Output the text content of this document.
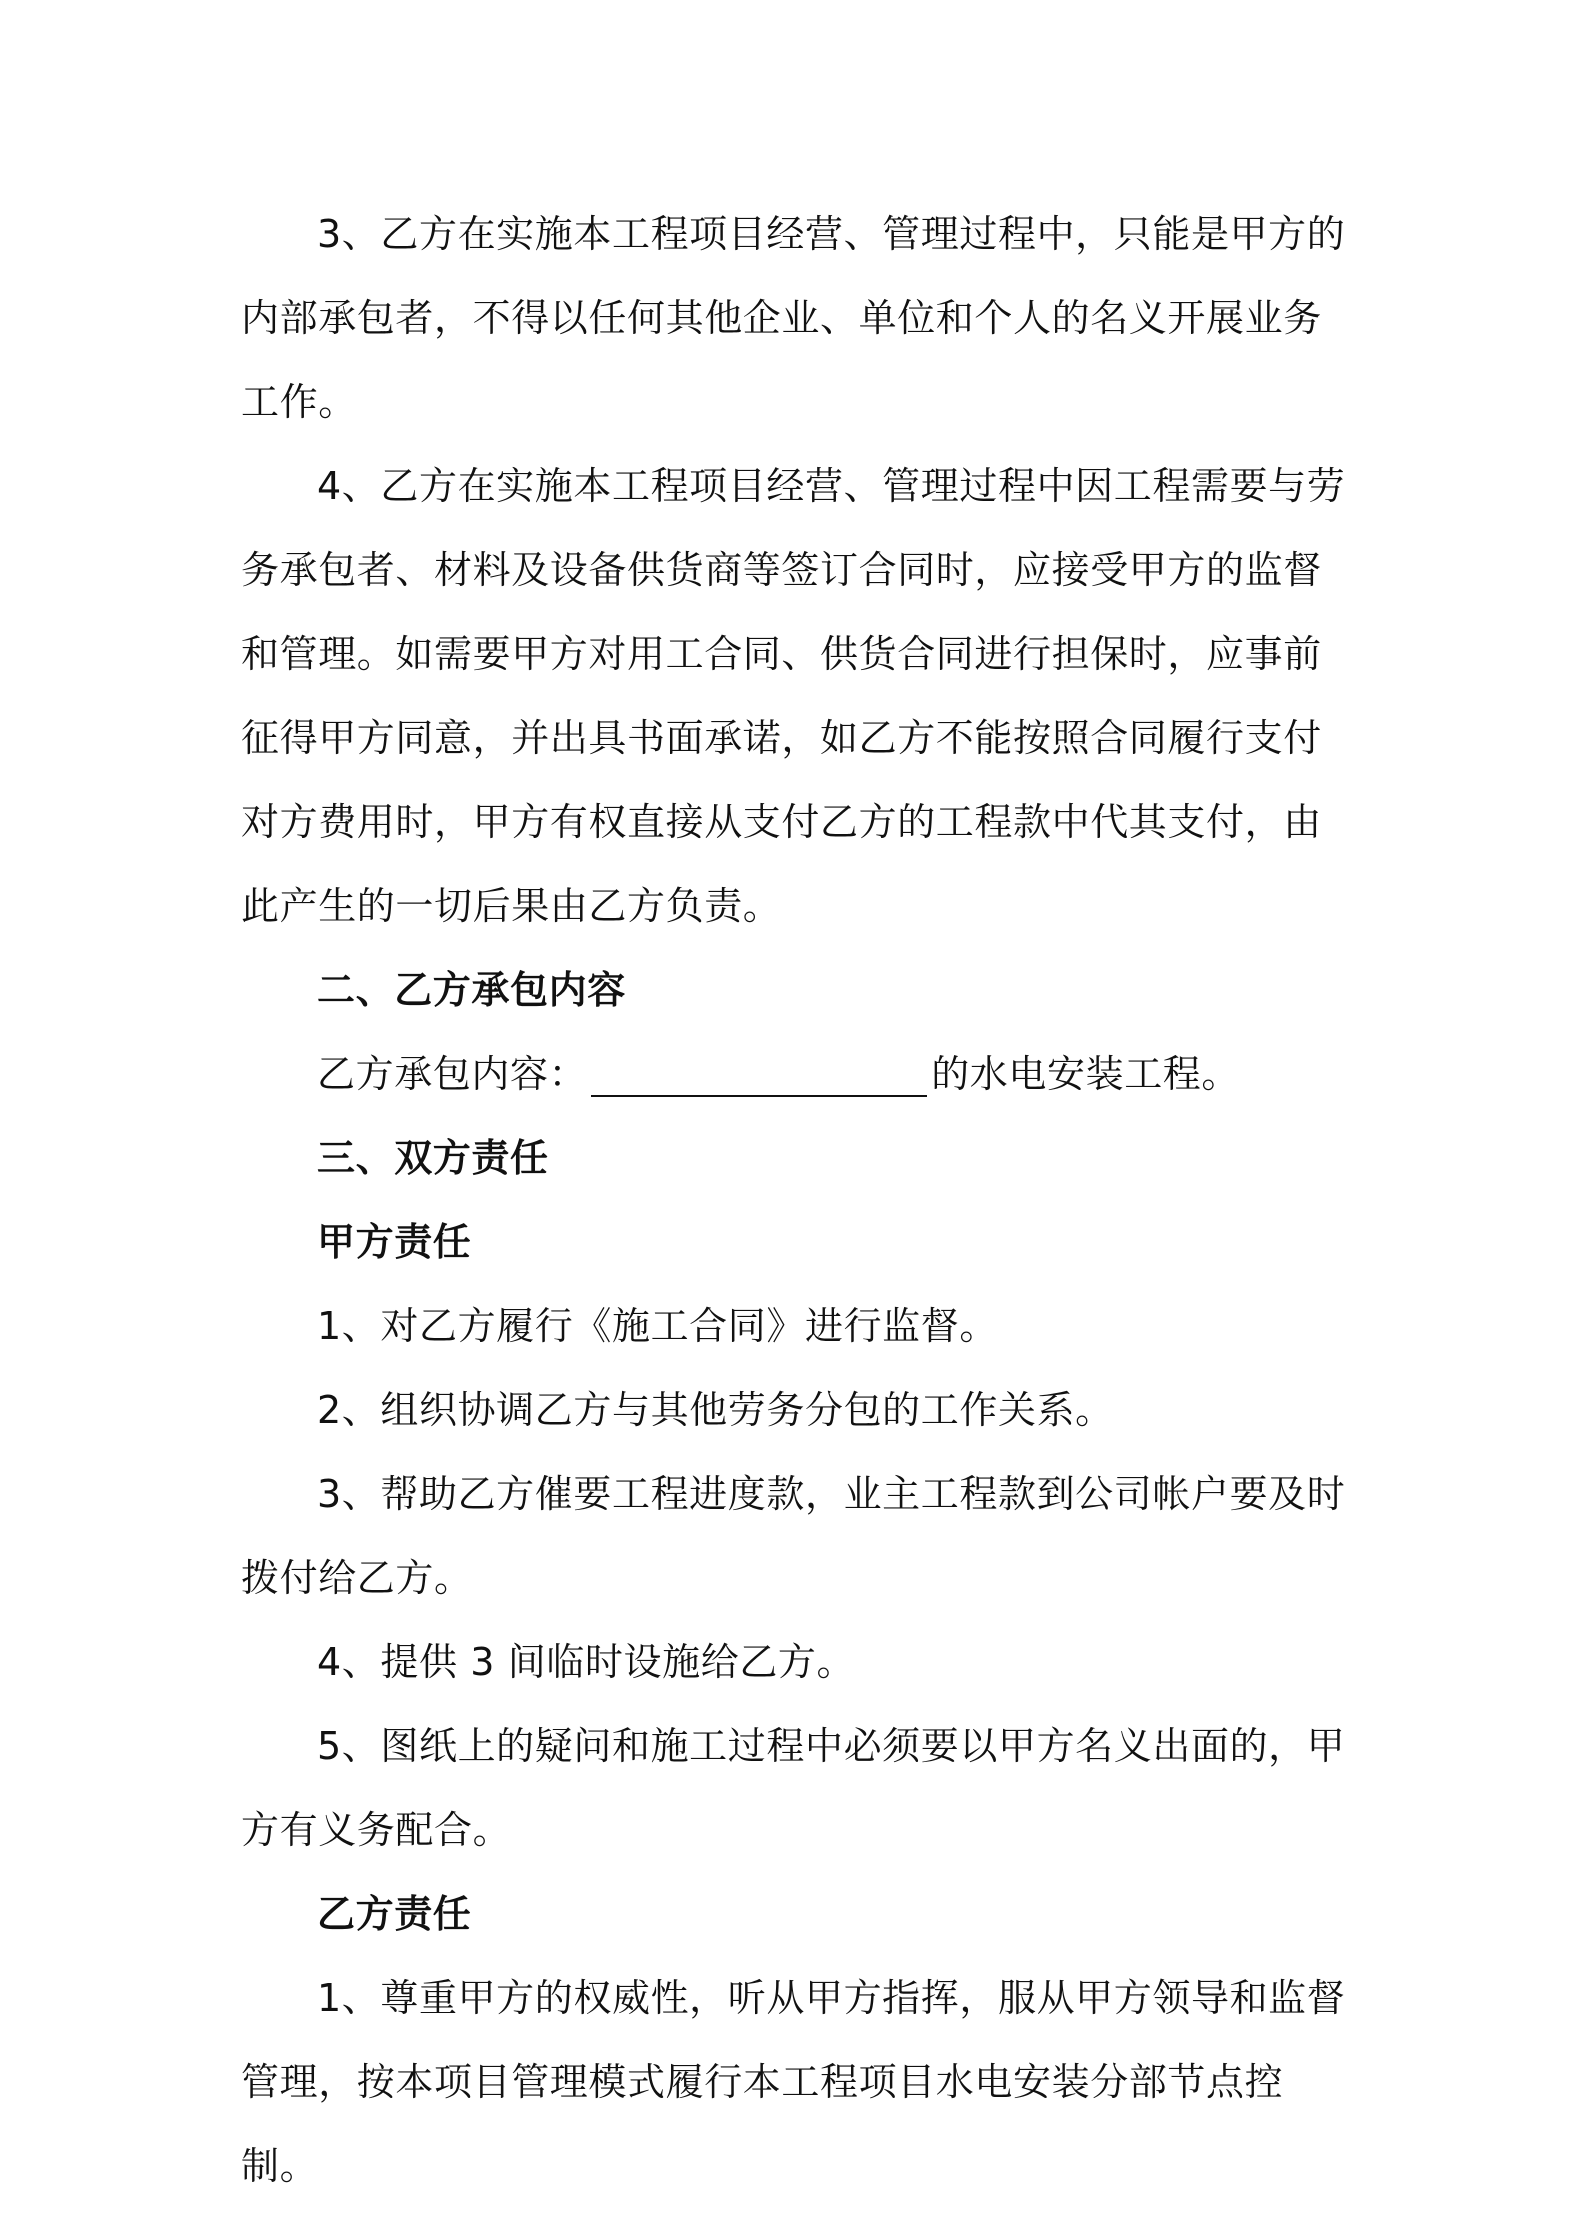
3、乙方在实施本工程项目经营、管理过程中，只能是甲方的内部承包者，不得以任何其他企业、单位和个人的名义开展业务工作。

4、乙方在实施本工程项目经营、管理过程中因工程需要与劳务承包者、材料及设备供货商等签订合同时，应接受甲方的监督和管理。如需要甲方对用工合同、供货合同进行担保时，应事前征得甲方同意，并出具书面承诺，如乙方不能按照合同履行支付对方费用时，甲方有权直接从支付乙方的工程款中代其支付，由此产生的一切后果由乙方负责。

二、乙方承包内容

乙方承包内容：	的水电安装工程。

三、双方责任

甲方责任

1、对乙方履行《施工合同》进行监督。

2、组织协调乙方与其他劳务分包的工作关系。

3、帮助乙方催要工程进度款，业主工程款到公司帐户要及时拨付给乙方。

4、提供 3 间临时设施给乙方。

5、图纸上的疑问和施工过程中必须要以甲方名义出面的，甲方有义务配合。

乙方责任

1、尊重甲方的权威性，听从甲方指挥，服从甲方领导和监督管理，按本项目管理模式履行本工程项目水电安装分部节点控制。
